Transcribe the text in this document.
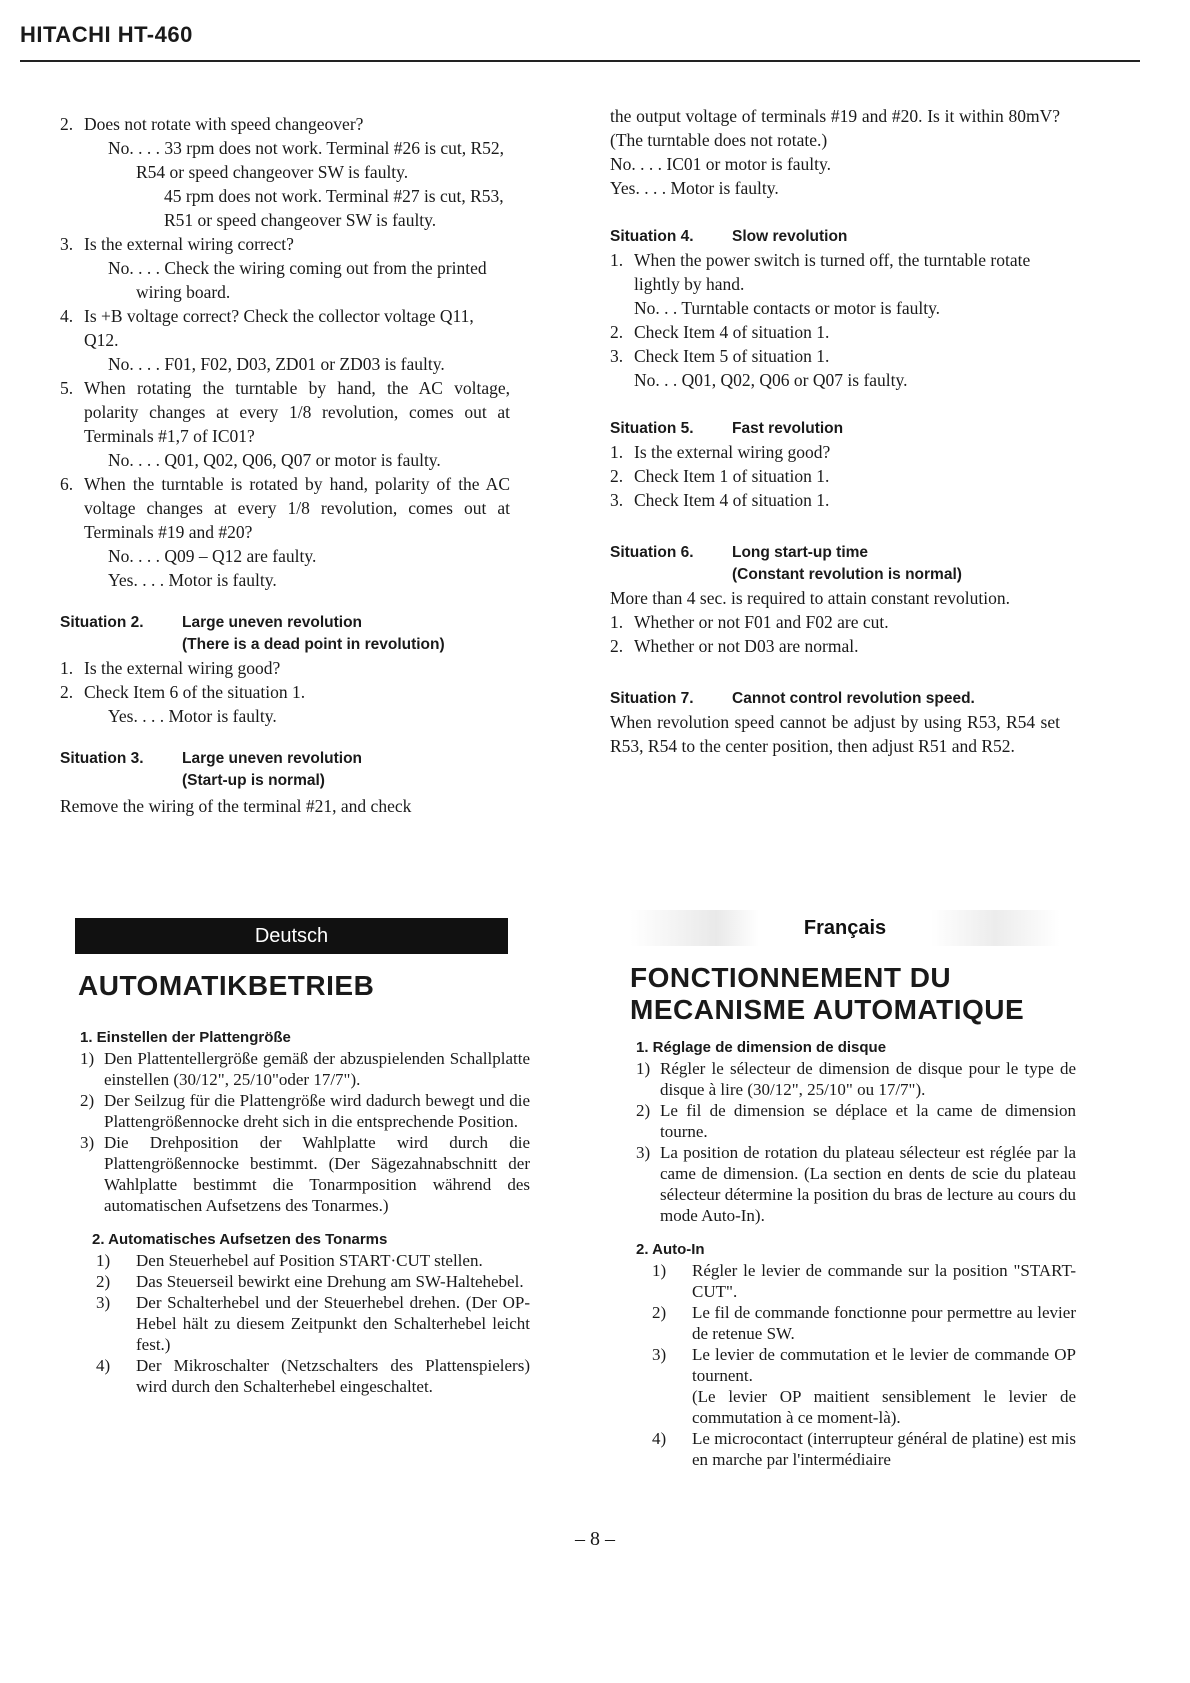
HITACHI HT-460
2. Does not rotate with speed changeover?

No. . . . 33 rpm does not work. Terminal #26 is cut, R52, R54 or speed changeover SW is faulty.

45 rpm does not work. Terminal #27 is cut, R53, R51 or speed changeover SW is faulty.

3. Is the external wiring correct?

No. . . . Check the wiring coming out from the printed wiring board.

4. Is +B voltage correct? Check the collector voltage Q11, Q12.

No. . . . F01, F02, D03, ZD01 or ZD03 is faulty.

5. When rotating the turntable by hand, the AC voltage, polarity changes at every 1/8 revolution, comes out at Terminals #1,7 of IC01?

No. . . . Q01, Q02, Q06, Q07 or motor is faulty.

6. When the turntable is rotated by hand, polarity of the AC voltage changes at every 1/8 revolution, comes out at Terminals #19 and #20?

No. . . . Q09 – Q12 are faulty.

Yes. . . . Motor is faulty.

Situation 2.	Large uneven revolution
(There is a dead point in revolution)
1. Is the external wiring good?

2. Check Item 6 of the situation 1.

Yes. . . . Motor is faulty.

Situation 3.	Large uneven revolution
(Start-up is normal)

Remove the wiring of the terminal #21, and check

the output voltage of terminals #19 and #20. Is it within 80mV? (The turntable does not rotate.)

No. . . . IC01 or motor is faulty.

Yes. . . . Motor is faulty.

Situation 4.	Slow revolution
1. When the power switch is turned off, the turntable rotate lightly by hand.

No. . . Turntable contacts or motor is faulty.

2. Check Item 4 of situation 1.

3. Check Item 5 of situation 1.

No. . . Q01, Q02, Q06 or Q07 is faulty.

Situation 5.	Fast revolution
1. Is the external wiring good?

2. Check Item 1 of situation 1.

3. Check Item 4 of situation 1.

Situation 6.	Long start-up time
(Constant revolution is normal)

More than 4 sec. is required to attain constant revolution.

1. Whether or not F01 and F02 are cut.

2. Whether or not D03 are normal.

Situation 7.	Cannot control revolution speed.

When revolution speed cannot be adjust by using R53, R54 set R53, R54 to the center position, then adjust R51 and R52.

Deutsch
AUTOMATIKBETRIEB

1. Einstellen der Plattengröße

1) Den Plattentellergröße gemäß der abzuspielenden Schallplatte einstellen (30/12", 25/10"oder 17/7").

2) Der Seilzug für die Plattengröße wird dadurch bewegt und die Plattengrößennocke dreht sich in die entsprechende Position.

3) Die Drehposition der Wahlplatte wird durch die Plattengrößennocke bestimmt. (Der Sägezahnabschnitt der Wahlplatte bestimmt die Tonarmposition während des automatischen Aufsetzens des Tonarmes.)

2. Automatisches Aufsetzen des Tonarms

1) Den Steuerhebel auf Position START·CUT stellen.

2) Das Steuerseil bewirkt eine Drehung am SW-Haltehebel.

3) Der Schalterhebel und der Steuerhebel drehen. (Der OP-Hebel hält zu diesem Zeitpunkt den Schalterhebel leicht fest.)

4) Der Mikroschalter (Netzschalters des Plattenspielers) wird durch den Schalterhebel eingeschaltet.

Français
FONCTIONNEMENT DU
MECANISME AUTOMATIQUE

1. Réglage de dimension de disque

1) Régler le sélecteur de dimension de disque pour le type de disque à lire (30/12", 25/10" ou 17/7").

2) Le fil de dimension se déplace et la came de dimension tourne.

3) La position de rotation du plateau sélecteur est réglée par la came de dimension. (La section en dents de scie du plateau sélecteur détermine la position du bras de lecture au cours du mode Auto-In).

2. Auto-In

1) Régler le levier de commande sur la position "START-CUT".

2) Le fil de commande fonctionne pour permettre au levier de retenue SW.

3) Le levier de commutation et le levier de commande OP tournent.

(Le levier OP maitient sensiblement le levier de commutation à ce moment-là).

4) Le microcontact (interrupteur général de platine) est mis en marche par l'intermédiaire

– 8 –
